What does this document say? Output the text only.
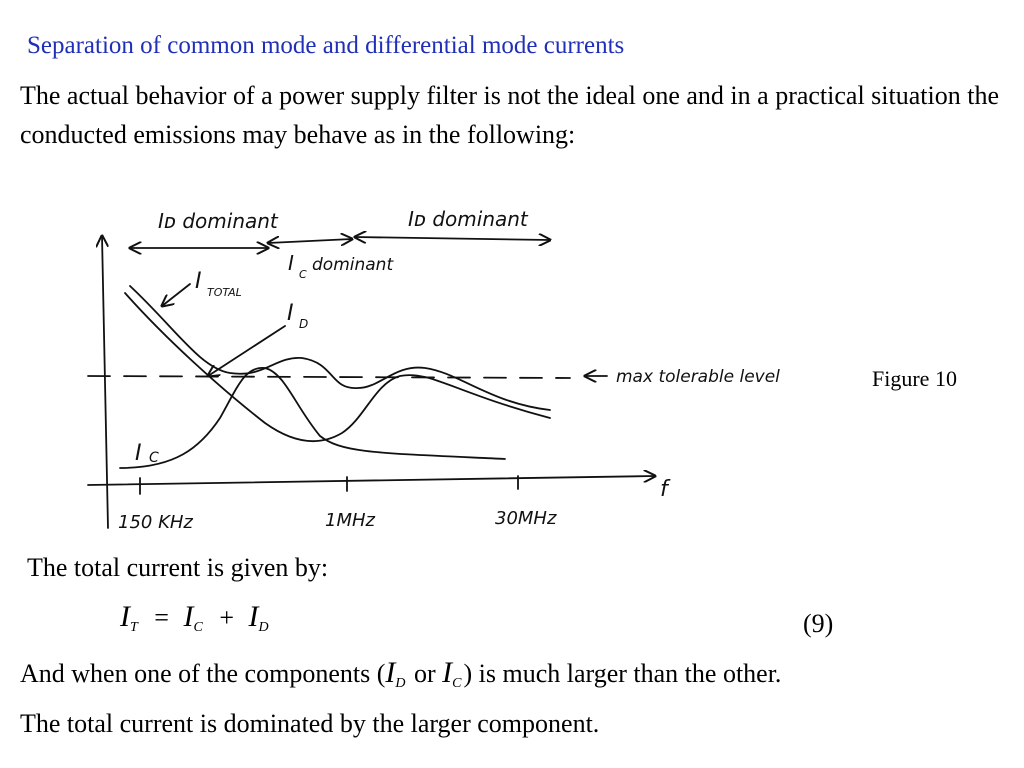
Separation of common mode and differential mode currents
The actual behavior of a power supply filter is not the ideal one and in a practical situation the conducted emissions may behave as in the following:
Iᴅ dominant
I C dominant
Iᴅ dominant
I TOTAL
I D
I C
max tolerable level
f
150 KHz	1MHz	30MHz
Figure 10
The total current is given by:
$I_T = I_C + I_D$	(9)
And when one of the components ($I_D$ or $I_C$) is much larger than the other.
The total current is dominated by the larger component.
